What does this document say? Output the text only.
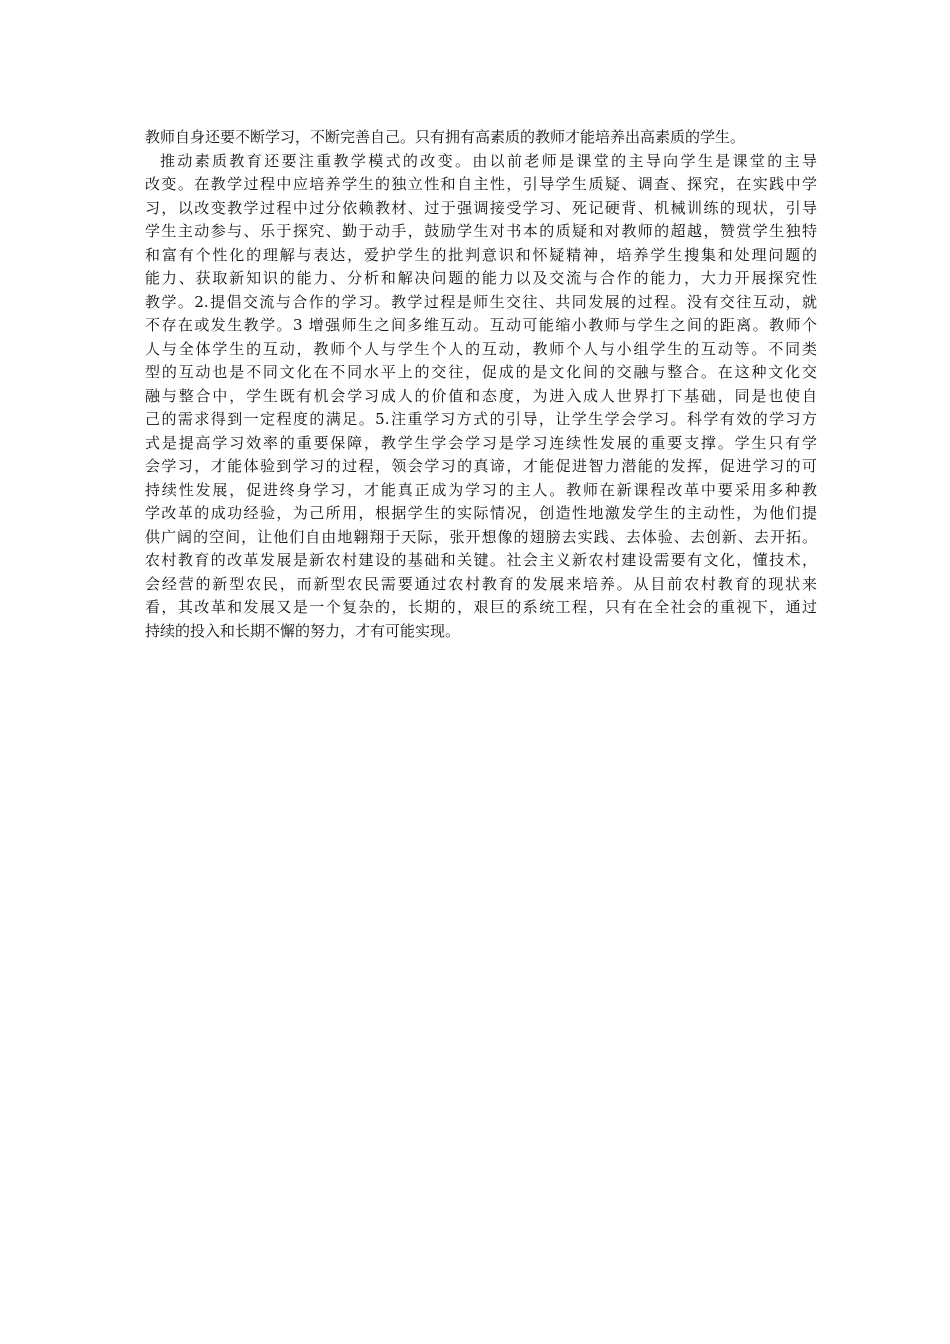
教师自身还要不断学习，不断完善自己。只有拥有高素质的教师才能培养出高素质的学生。
推动素质教育还要注重教学模式的改变。由以前老师是课堂的主导向学生是课堂的主导
改变。在教学过程中应培养学生的独立性和自主性，引导学生质疑、调查、探究，在实践中学
习，以改变教学过程中过分依赖教材、过于强调接受学习、死记硬背、机械训练的现状，引导
学生主动参与、乐于探究、勤于动手，鼓励学生对书本的质疑和对教师的超越，赞赏学生独特
和富有个性化的理解与表达，爱护学生的批判意识和怀疑精神，培养学生搜集和处理问题的
能力、获取新知识的能力、分析和解决问题的能力以及交流与合作的能力，大力开展探究性
教学。2.提倡交流与合作的学习。教学过程是师生交往、共同发展的过程。没有交往互动，就
不存在或发生教学。3 增强师生之间多维互动。互动可能缩小教师与学生之间的距离。教师个
人与全体学生的互动，教师个人与学生个人的互动，教师个人与小组学生的互动等。不同类
型的互动也是不同文化在不同水平上的交往，促成的是文化间的交融与整合。在这种文化交
融与整合中，学生既有机会学习成人的价值和态度，为进入成人世界打下基础，同是也使自
己的需求得到一定程度的满足。5.注重学习方式的引导，让学生学会学习。科学有效的学习方
式是提高学习效率的重要保障，教学生学会学习是学习连续性发展的重要支撑。学生只有学
会学习，才能体验到学习的过程，领会学习的真谛，才能促进智力潜能的发挥，促进学习的可
持续性发展，促进终身学习，才能真正成为学习的主人。教师在新课程改革中要采用多种教
学改革的成功经验，为己所用，根据学生的实际情况，创造性地激发学生的主动性，为他们提
供广阔的空间，让他们自由地翱翔于天际，张开想像的翅膀去实践、去体验、去创新、去开拓。
农村教育的改革发展是新农村建设的基础和关键。社会主义新农村建设需要有文化，懂技术，
会经营的新型农民，而新型农民需要通过农村教育的发展来培养。从目前农村教育的现状来
看，其改革和发展又是一个复杂的，长期的，艰巨的系统工程，只有在全社会的重视下，通过
持续的投入和长期不懈的努力，才有可能实现。
